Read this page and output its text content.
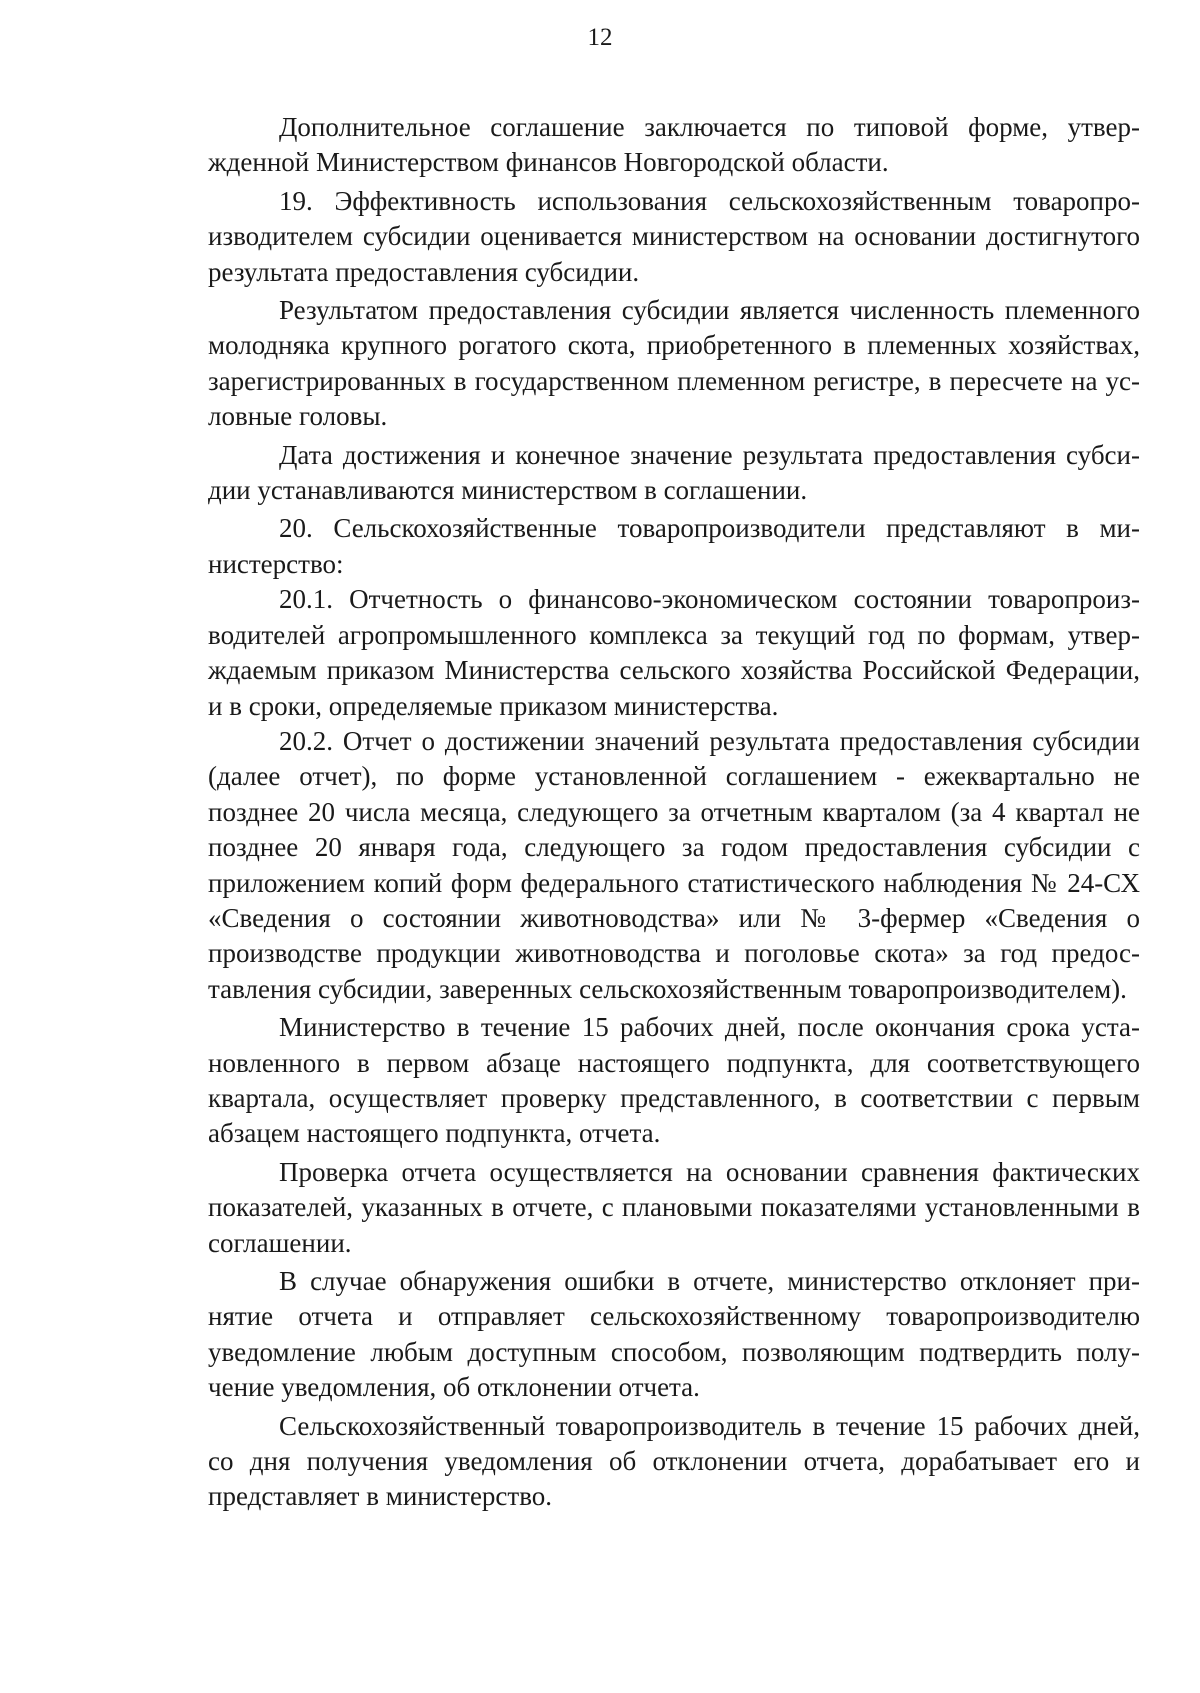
12

Дополнительное соглашение заключается по типовой форме, утвержденной Министерством финансов Новгородской области.

19. Эффективность использования сельскохозяйственным товаропроизводителем субсидии оценивается министерством на основании достигнутого результата предоставления субсидии.

Результатом предоставления субсидии является численность племенного молодняка крупного рогатого скота, приобретенного в племенных хозяйствах, зарегистрированных в государственном племенном регистре, в пересчете на условные головы.

Дата достижения и конечное значение результата предоставления субсидии устанавливаются министерством в соглашении.

20. Сельскохозяйственные товаропроизводители представляют в министерство:

20.1. Отчетность о финансово-экономическом состоянии товаропроизводителей агропромышленного комплекса за текущий год по формам, утверждаемым приказом Министерства сельского хозяйства Российской Федерации, и в сроки, определяемые приказом министерства.

20.2. Отчет о достижении значений результата предоставления субсидии (далее отчет), по форме установленной соглашением - ежеквартально не позднее 20 числа месяца, следующего за отчетным кварталом (за 4 квартал не позднее 20 января года, следующего за годом предоставления субсидии с приложением копий форм федерального статистического наблюдения № 24-СХ «Сведения о состоянии животноводства» или № 3-фермер «Сведения о производстве продукции животноводства и поголовье скота» за год предоставления субсидии, заверенных сельскохозяйственным товаропроизводителем).

Министерство в течение 15 рабочих дней, после окончания срока установленного в первом абзаце настоящего подпункта, для соответствующего квартала, осуществляет проверку представленного, в соответствии с первым абзацем настоящего подпункта, отчета.

Проверка отчета осуществляется на основании сравнения фактических показателей, указанных в отчете, с плановыми показателями установленными в соглашении.

В случае обнаружения ошибки в отчете, министерство отклоняет принятие отчета и отправляет сельскохозяйственному товаропроизводителю уведомление любым доступным способом, позволяющим подтвердить получение уведомления, об отклонении отчета.

Сельскохозяйственный товаропроизводитель в течение 15 рабочих дней, со дня получения уведомления об отклонении отчета, дорабатывает его и представляет в министерство.
